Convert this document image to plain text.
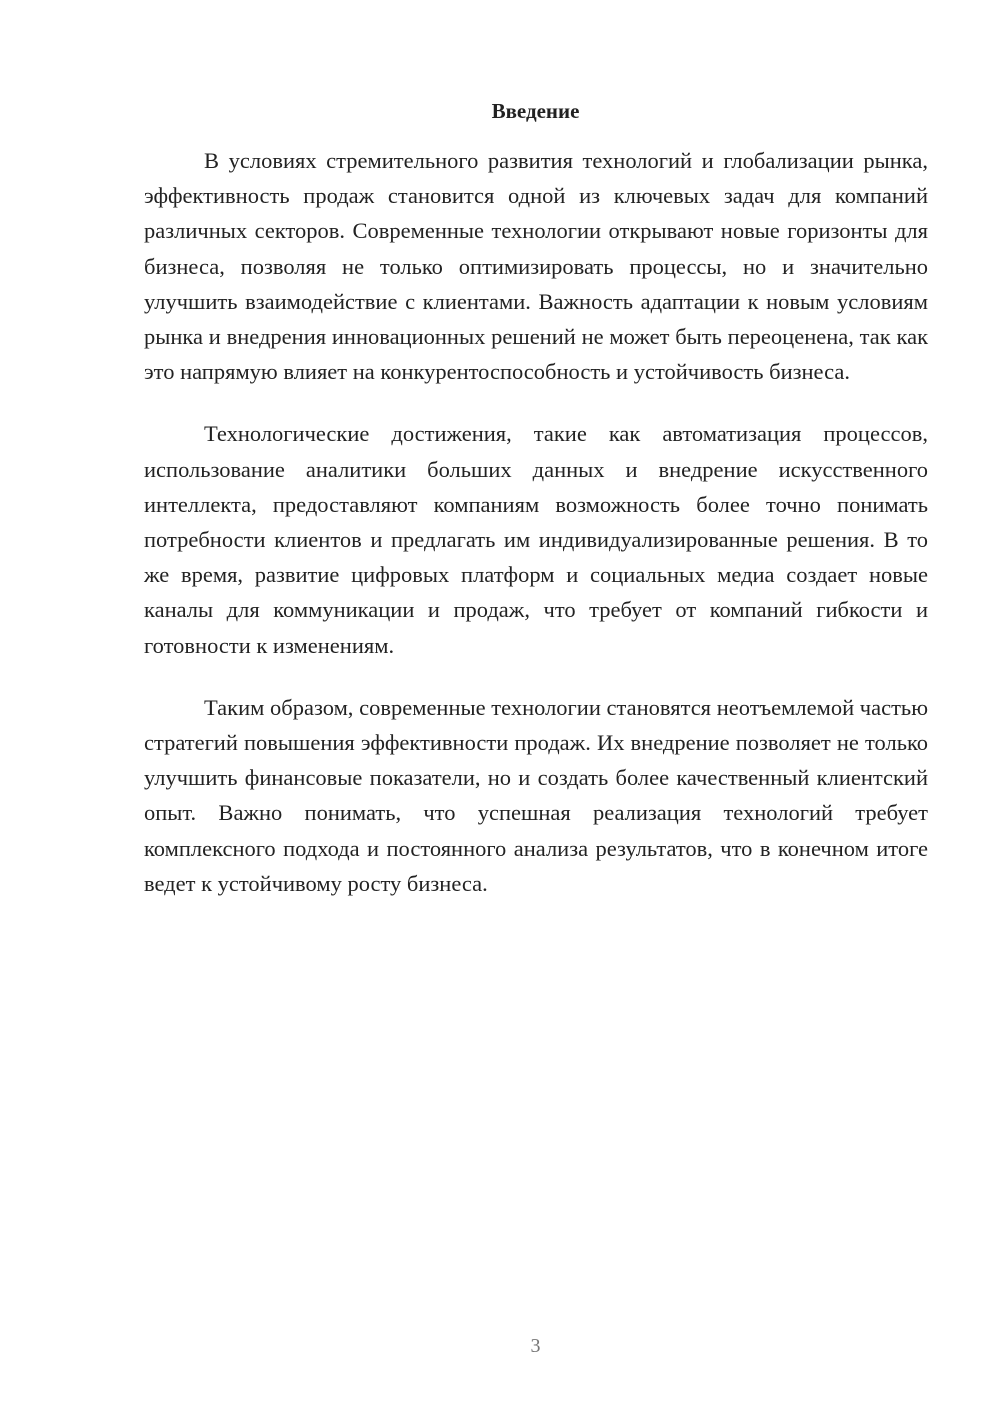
Введение

В условиях стремительного развития технологий и глобализации рынка, эффективность продаж становится одной из ключевых задач для компаний различных секторов. Современные технологии открывают новые горизонты для бизнеса, позволяя не только оптимизировать процессы, но и значительно улучшить взаимодействие с клиентами. Важность адаптации к новым условиям рынка и внедрения инновационных решений не может быть переоценена, так как это напрямую влияет на конкурентоспособность и устойчивость бизнеса.

Технологические достижения, такие как автоматизация процессов, использование аналитики больших данных и внедрение искусственного интеллекта, предоставляют компаниям возможность более точно понимать потребности клиентов и предлагать им индивидуализированные решения. В то же время, развитие цифровых платформ и социальных медиа создает новые каналы для коммуникации и продаж, что требует от компаний гибкости и готовности к изменениям.

Таким образом, современные технологии становятся неотъемлемой частью стратегий повышения эффективности продаж. Их внедрение позволяет не только улучшить финансовые показатели, но и создать более качественный клиентский опыт. Важно понимать, что успешная реализация технологий требует комплексного подхода и постоянного анализа результатов, что в конечном итоге ведет к устойчивому росту бизнеса.

3
